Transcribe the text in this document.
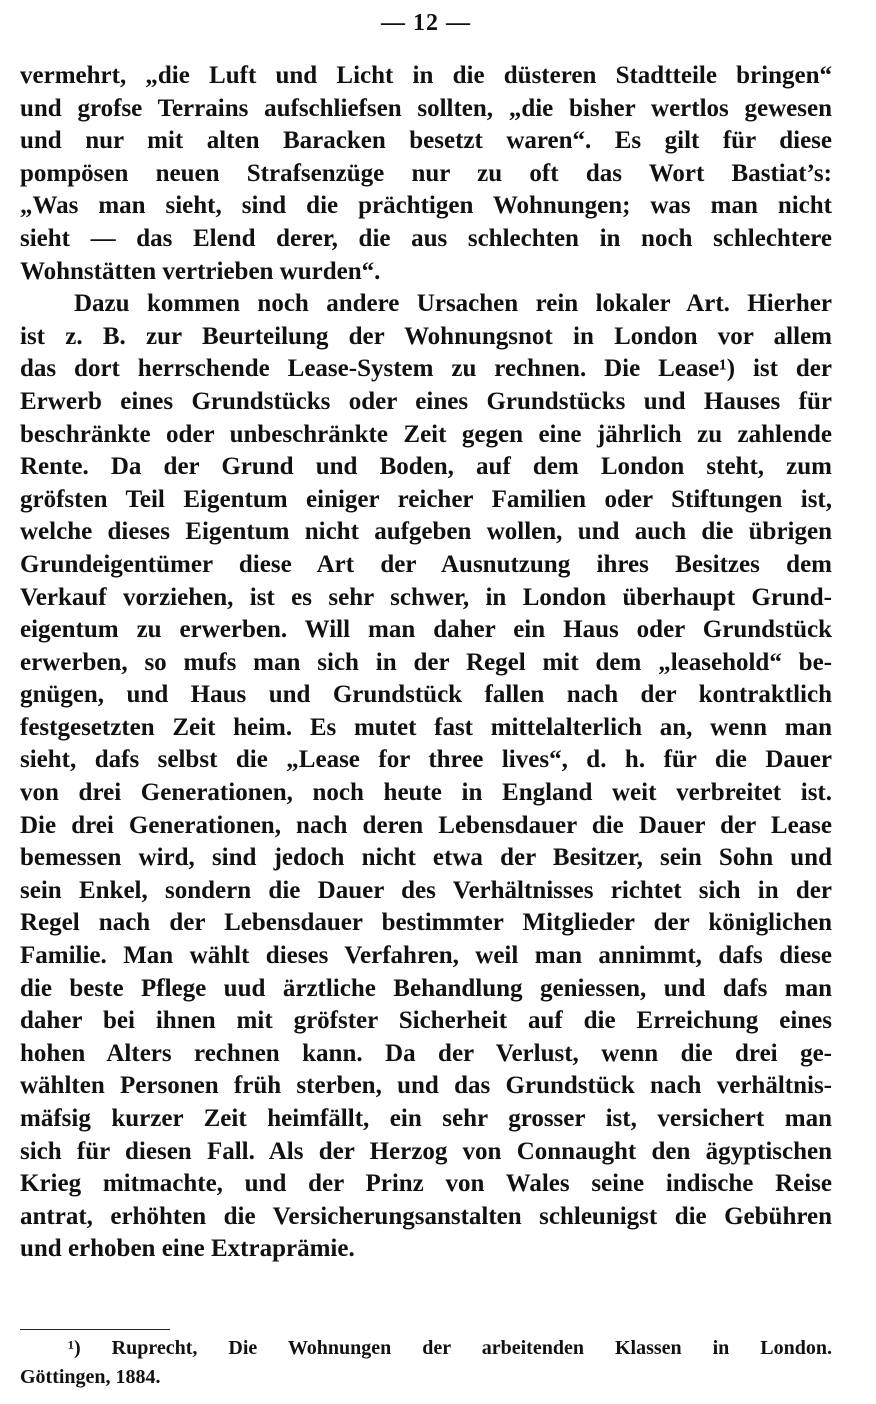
— 12 —
vermehrt, „die Luft und Licht in die düsteren Stadtteile bringen“
und grofse Terrains aufschliefsen sollten, „die bisher wertlos gewesen
und nur mit alten Baracken besetzt waren“. Es gilt für diese
pompösen neuen Strafsenzüge nur zu oft das Wort Bastiat’s:
„Was man sieht, sind die prächtigen Wohnungen; was man nicht
sieht — das Elend derer, die aus schlechten in noch schlechtere
Wohnstätten vertrieben wurden“.
Dazu kommen noch andere Ursachen rein lokaler Art. Hierher
ist z. B. zur Beurteilung der Wohnungsnot in London vor allem
das dort herrschende Lease-System zu rechnen. Die Lease¹) ist der
Erwerb eines Grundstücks oder eines Grundstücks und Hauses für
beschränkte oder unbeschränkte Zeit gegen eine jährlich zu zahlende
Rente. Da der Grund und Boden, auf dem London steht, zum
gröfsten Teil Eigentum einiger reicher Familien oder Stiftungen ist,
welche dieses Eigentum nicht aufgeben wollen, und auch die übrigen
Grundeigentümer diese Art der Ausnutzung ihres Besitzes dem
Verkauf vorziehen, ist es sehr schwer, in London überhaupt Grund-
eigentum zu erwerben. Will man daher ein Haus oder Grundstück
erwerben, so mufs man sich in der Regel mit dem „leasehold“ be-
gnügen, und Haus und Grundstück fallen nach der kontraktlich
festgesetzten Zeit heim. Es mutet fast mittelalterlich an, wenn man
sieht, dafs selbst die „Lease for three lives“, d. h. für die Dauer
von drei Generationen, noch heute in England weit verbreitet ist.
Die drei Generationen, nach deren Lebensdauer die Dauer der Lease
bemessen wird, sind jedoch nicht etwa der Besitzer, sein Sohn und
sein Enkel, sondern die Dauer des Verhältnisses richtet sich in der
Regel nach der Lebensdauer bestimmter Mitglieder der königlichen
Familie. Man wählt dieses Verfahren, weil man annimmt, dafs diese
die beste Pflege uud ärztliche Behandlung geniessen, und dafs man
daher bei ihnen mit gröfster Sicherheit auf die Erreichung eines
hohen Alters rechnen kann. Da der Verlust, wenn die drei ge-
wählten Personen früh sterben, und das Grundstück nach verhältnis-
mäfsig kurzer Zeit heimfällt, ein sehr grosser ist, versichert man
sich für diesen Fall. Als der Herzog von Connaught den ägyptischen
Krieg mitmachte, und der Prinz von Wales seine indische Reise
antrat, erhöhten die Versicherungsanstalten schleunigst die Gebühren
und erhoben eine Extraprämie.
¹) Ruprecht, Die Wohnungen der arbeitenden Klassen in London.
Göttingen, 1884.
